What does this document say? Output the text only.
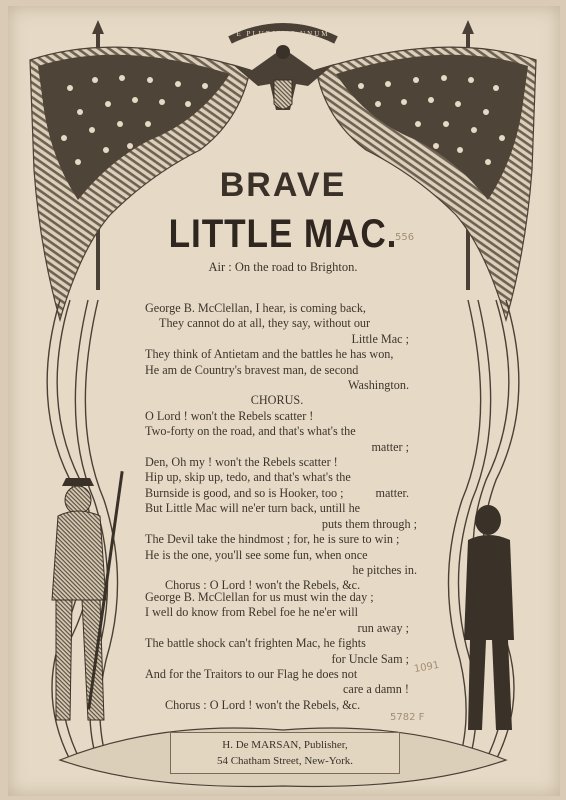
E PLURIBUS UNUM
BRAVE
LITTLE MAC.
Air : On the road to Brighton.
George B. McClellan, I hear, is coming back,
They cannot do at all, they say, without our
Little Mac ;
They think of Antietam and the battles he has won,
He am de Country's bravest man, de second
Washington.
CHORUS.
O Lord ! won't the Rebels scatter !
Two-forty on the road, and that's what's the
matter ;
Den, Oh my ! won't the Rebels scatter !
Hip up, skip up, tedo, and that's what's the
matter.
Burnside is good, and so is Hooker, too ;
But Little Mac will ne'er turn back, untill he
puts them through ;
The Devil take the hindmost ; for, he is sure to win ;
He is the one, you'll see some fun, when once
he pitches in.
Chorus : O Lord ! won't the Rebels, &c.
George B. McClellan for us must win the day ;
I well do know from Rebel foe he ne'er will
run away ;
The battle shock can't frighten Mac, he fights
for Uncle Sam ;
And for the Traitors to our Flag he does not
care a damn !
Chorus : O Lord ! won't the Rebels, &c.
H. De MARSAN, Publisher,
54 Chatham Street, New-York.
556
1091
5782 F
